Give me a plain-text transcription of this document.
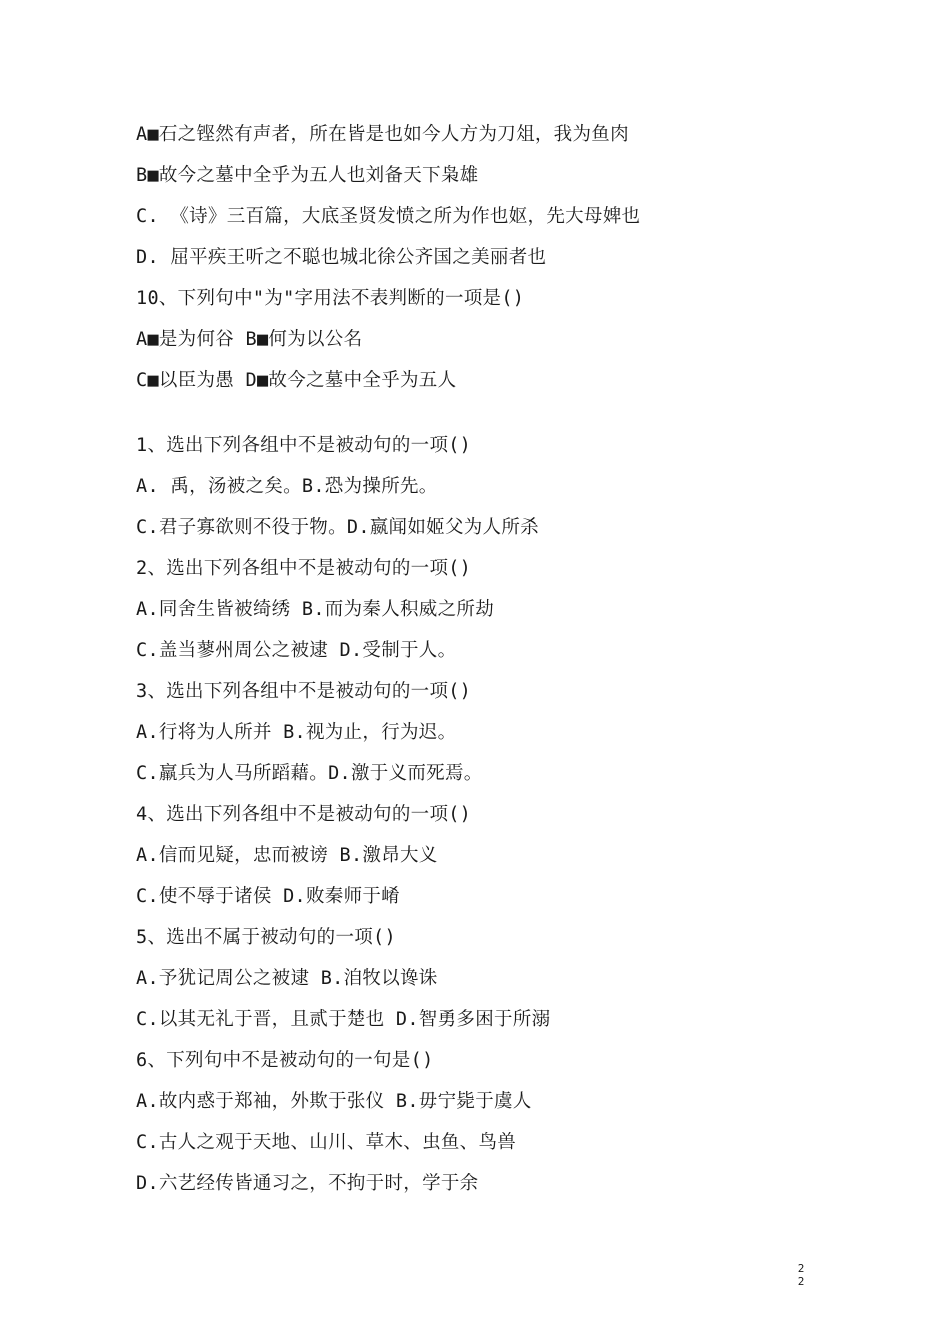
A■石之铿然有声者，所在皆是也如今人方为刀俎，我为鱼肉
B■故今之墓中全乎为五人也刘备天下枭雄
C. 《诗》三百篇，大底圣贤发愤之所为作也妪，先大母婢也
D. 屈平疾王听之不聪也城北徐公齐国之美丽者也
10、下列句中"为"字用法不表判断的一项是()
A■是为何谷 B■何为以公名
C■以臣为愚 D■故今之墓中全乎为五人
1、选出下列各组中不是被动句的一项()
A. 禹，汤被之矣。B.恐为操所先。
C.君子寡欲则不役于物。D.嬴闻如姬父为人所杀
2、选出下列各组中不是被动句的一项()
A.同舍生皆被绮绣 B.而为秦人积威之所劫
C.盖当蓼州周公之被逮 D.受制于人。
3、选出下列各组中不是被动句的一项()
A.行将为人所并 B.视为止，行为迟。
C.羸兵为人马所蹈藉。D.激于义而死焉。
4、选出下列各组中不是被动句的一项()
A.信而见疑，忠而被谤 B.激昂大义
C.使不辱于诸侯 D.败秦师于崤
5、选出不属于被动句的一项()
A.予犹记周公之被逮 B.洎牧以谗诛
C.以其无礼于晋，且贰于楚也 D.智勇多困于所溺
6、下列句中不是被动句的一句是()
A.故内惑于郑袖，外欺于张仪 B.毋宁毙于虞人
C.古人之观于天地、山川、草木、虫鱼、鸟兽
D.六艺经传皆通习之，不拘于时，学于余
2
2
